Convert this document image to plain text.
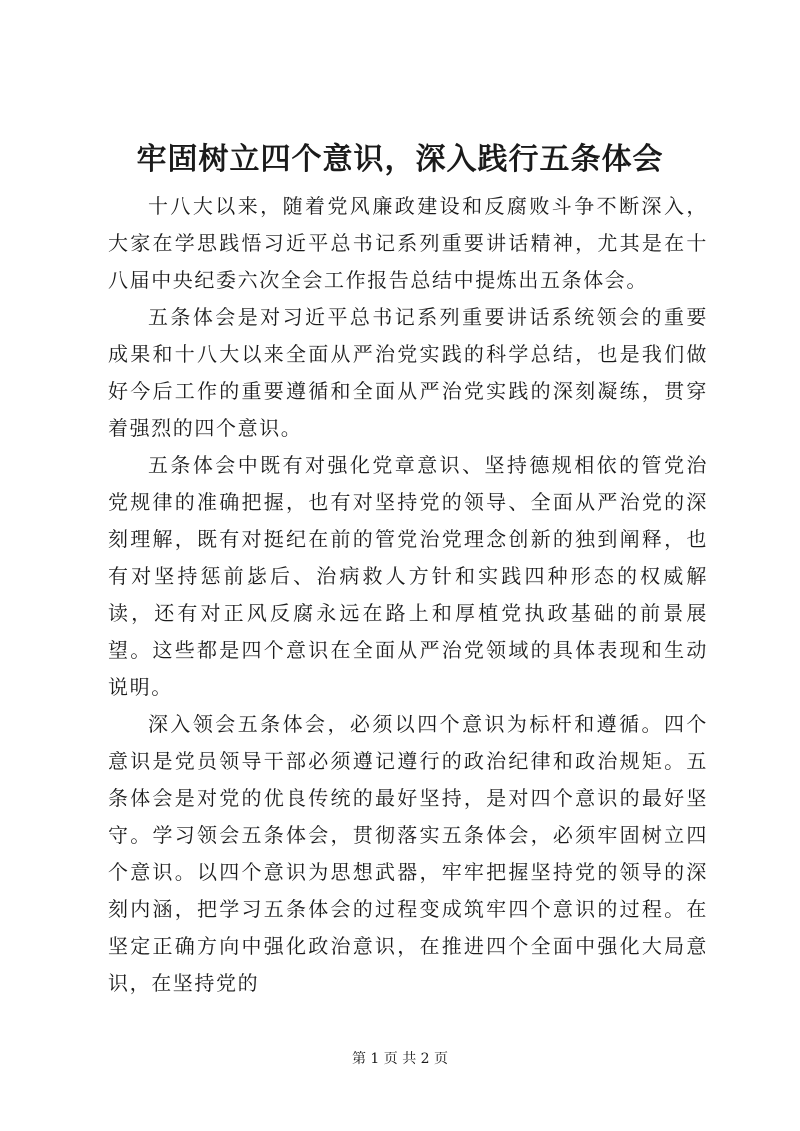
牢固树立四个意识，深入践行五条体会

十八大以来，随着党风廉政建设和反腐败斗争不断深入，大家在学思践悟习近平总书记系列重要讲话精神，尤其是在十八届中央纪委六次全会工作报告总结中提炼出五条体会。

五条体会是对习近平总书记系列重要讲话系统领会的重要成果和十八大以来全面从严治党实践的科学总结，也是我们做好今后工作的重要遵循和全面从严治党实践的深刻凝练，贯穿着强烈的四个意识。

五条体会中既有对强化党章意识、坚持德规相依的管党治党规律的准确把握，也有对坚持党的领导、全面从严治党的深刻理解，既有对挺纪在前的管党治党理念创新的独到阐释，也有对坚持惩前毖后、治病救人方针和实践四种形态的权威解读，还有对正风反腐永远在路上和厚植党执政基础的前景展望。这些都是四个意识在全面从严治党领域的具体表现和生动说明。

深入领会五条体会，必须以四个意识为标杆和遵循。四个意识是党员领导干部必须遵记遵行的政治纪律和政治规矩。五条体会是对党的优良传统的最好坚持，是对四个意识的最好坚守。学习领会五条体会，贯彻落实五条体会，必须牢固树立四个意识。以四个意识为思想武器，牢牢把握坚持党的领导的深刻内涵，把学习五条体会的过程变成筑牢四个意识的过程。在坚定正确方向中强化政治意识，在推进四个全面中强化大局意识，在坚持党的

第 1 页 共 2 页
